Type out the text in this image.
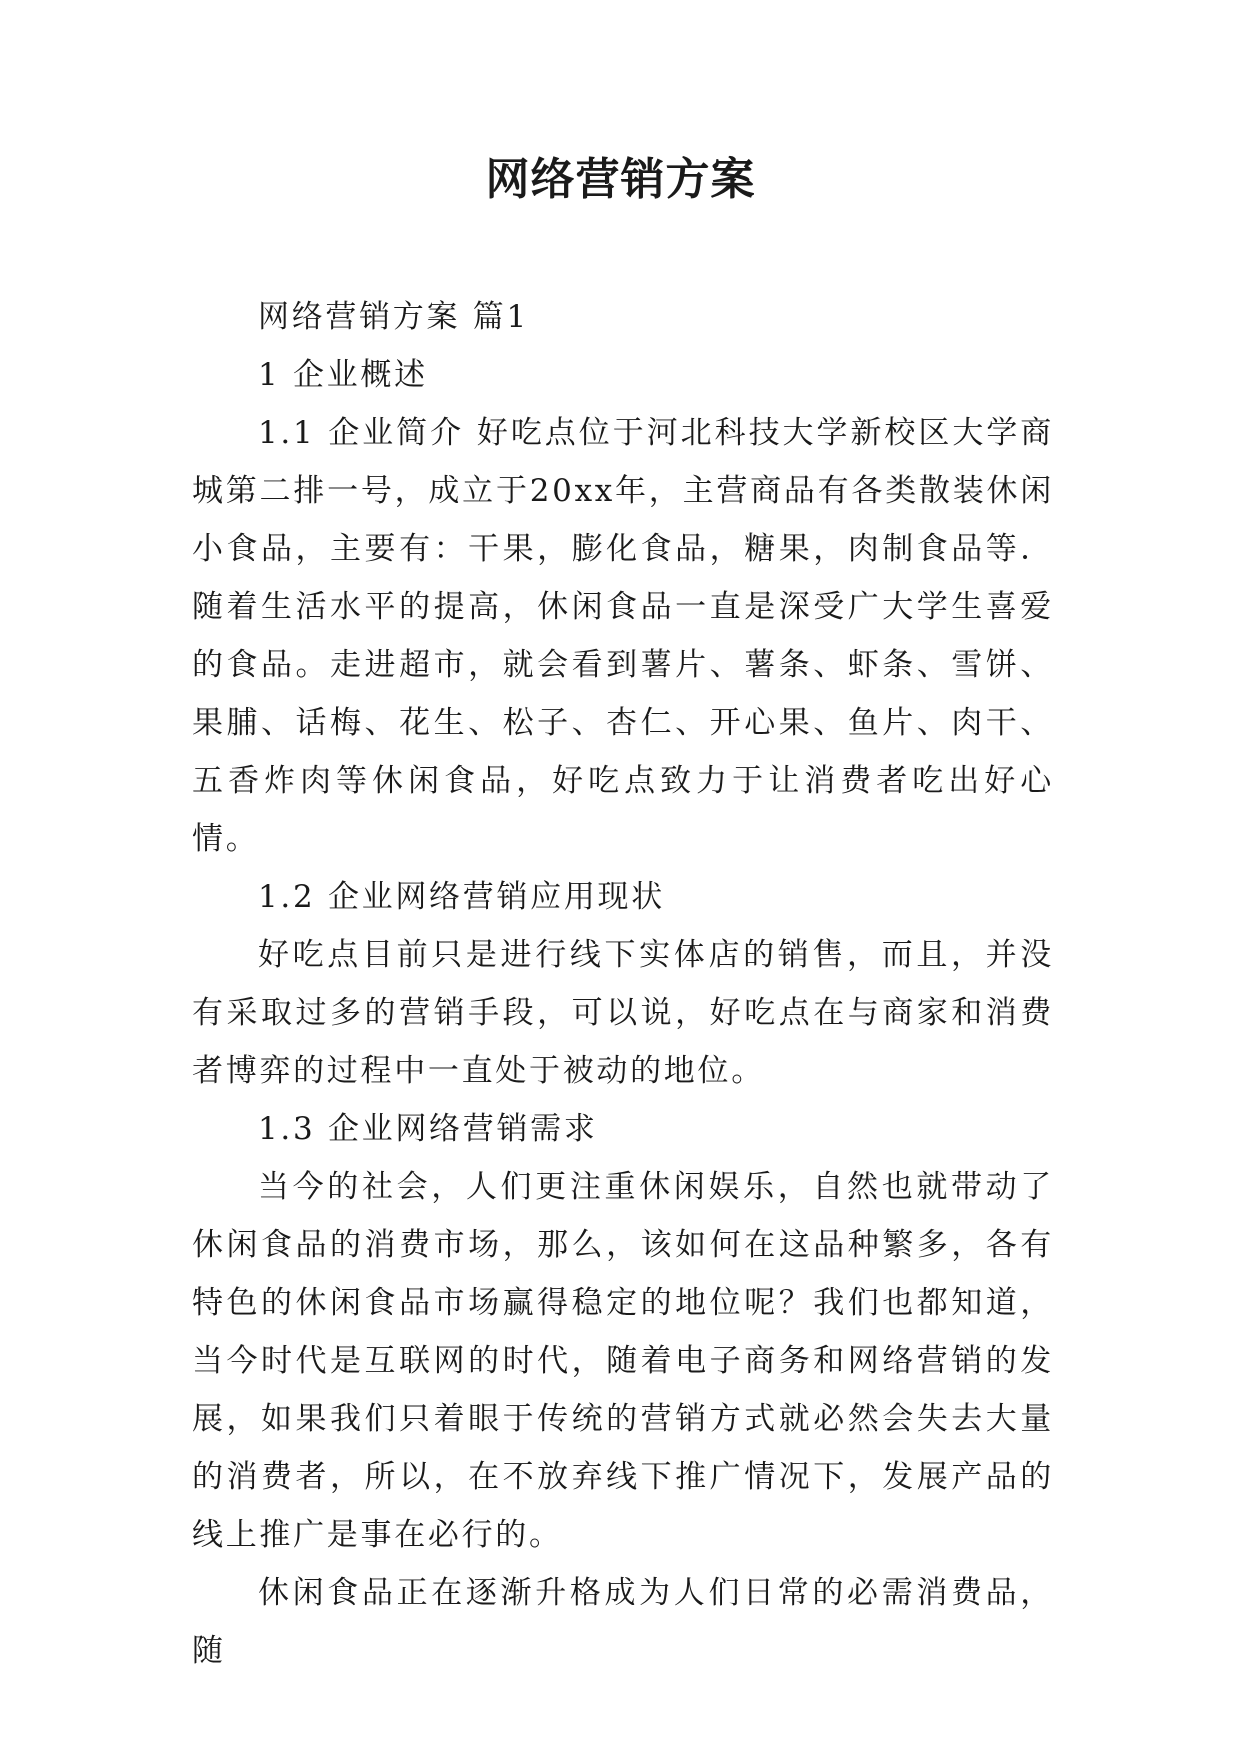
网络营销方案

网络营销方案 篇1

1 企业概述

1.1 企业简介 好吃点位于河北科技大学新校区大学商城第二排一号，成立于20xx年，主营商品有各类散装休闲小食品，主要有：干果，膨化食品，糖果，肉制食品等．随着生活水平的提高，休闲食品一直是深受广大学生喜爱的食品。走进超市，就会看到薯片、薯条、虾条、雪饼、果脯、话梅、花生、松子、杏仁、开心果、鱼片、肉干、五香炸肉等休闲食品，好吃点致力于让消费者吃出好心情。

1.2 企业网络营销应用现状

好吃点目前只是进行线下实体店的销售，而且，并没有采取过多的营销手段，可以说，好吃点在与商家和消费者博弈的过程中一直处于被动的地位。

1.3 企业网络营销需求

当今的社会，人们更注重休闲娱乐，自然也就带动了休闲食品的消费市场，那么，该如何在这品种繁多，各有特色的休闲食品市场赢得稳定的地位呢？我们也都知道，当今时代是互联网的时代，随着电子商务和网络营销的发展，如果我们只着眼于传统的营销方式就必然会失去大量的消费者，所以，在不放弃线下推广情况下，发展产品的线上推广是事在必行的。

休闲食品正在逐渐升格成为人们日常的必需消费品，随
